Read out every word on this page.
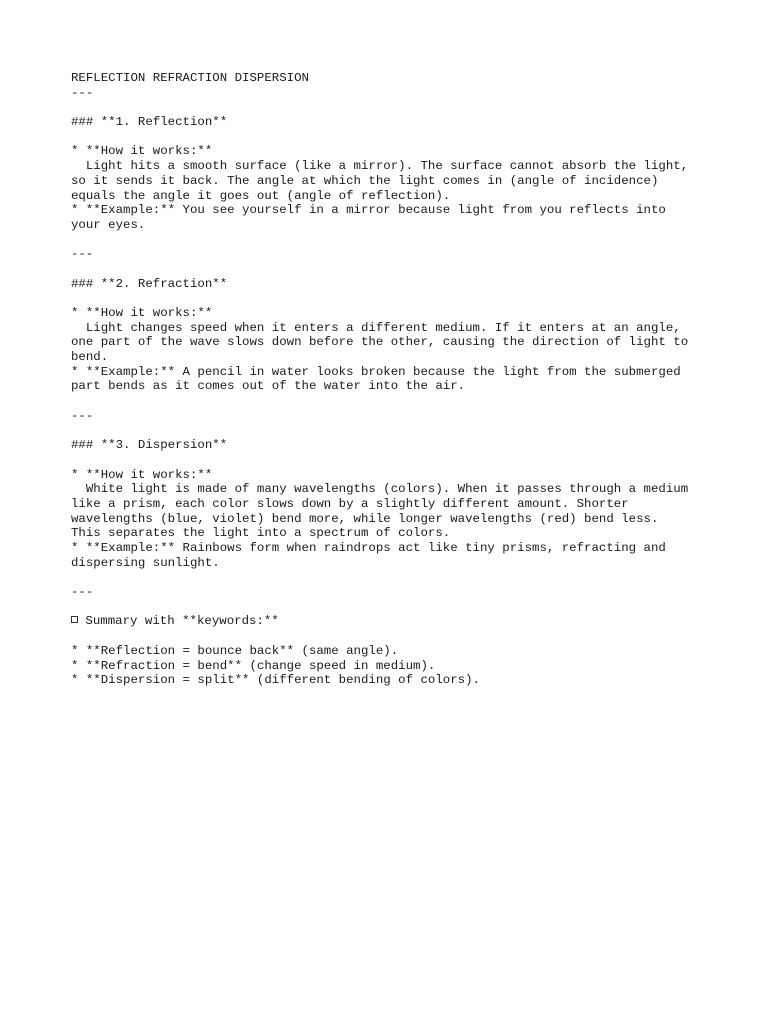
REFLECTION REFRACTION DISPERSION
---
### **1. Reflection**
* **How it works:**
Light hits a smooth surface (like a mirror). The surface cannot absorb the light,
so it sends it back. The angle at which the light comes in (angle of incidence)
equals the angle it goes out (angle of reflection).
* **Example:** You see yourself in a mirror because light from you reflects into
your eyes.
---
### **2. Refraction**
* **How it works:**
Light changes speed when it enters a different medium. If it enters at an angle,
one part of the wave slows down before the other, causing the direction of light to
bend.
* **Example:** A pencil in water looks broken because the light from the submerged
part bends as it comes out of the water into the air.
---
### **3. Dispersion**
* **How it works:**
White light is made of many wavelengths (colors). When it passes through a medium
like a prism, each color slows down by a slightly different amount. Shorter
wavelengths (blue, violet) bend more, while longer wavelengths (red) bend less.
This separates the light into a spectrum of colors.
* **Example:** Rainbows form when raindrops act like tiny prisms, refracting and
dispersing sunlight.
---
Summary with **keywords:**
* **Reflection = bounce back** (same angle).
* **Refraction = bend** (change speed in medium).
* **Dispersion = split** (different bending of colors).
